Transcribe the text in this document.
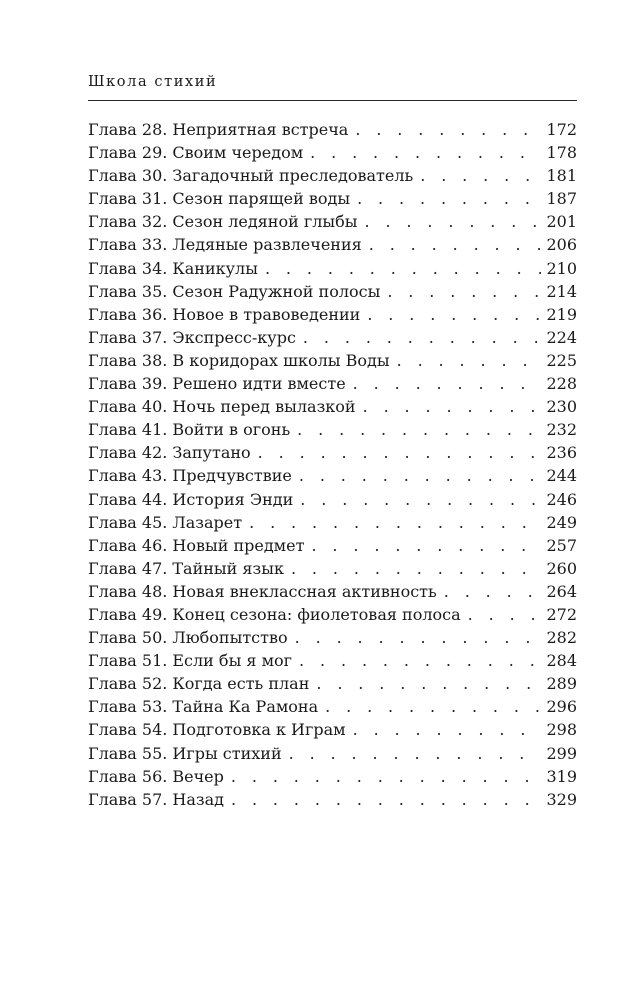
Школа стихий
Глава 28. Неприятная встреча . . .	172
Глава 29. Своим чередом . . .	178
Глава 30. Загадочный преследователь . . .	181
Глава 31. Сезон парящей воды . . .	187
Глава 32. Сезон ледяной глыбы . . .	201
Глава 33. Ледяные развлечения . . .	206
Глава 34. Каникулы . . .	210
Глава 35. Сезон Радужной полосы . . .	214
Глава 36. Новое в травоведении . . .	219
Глава 37. Экспресс-курс . . .	224
Глава 38. В коридорах школы Воды . . .	225
Глава 39. Решено идти вместе . . .	228
Глава 40. Ночь перед вылазкой . . .	230
Глава 41. Войти в огонь . . .	232
Глава 42. Запутано . . .	236
Глава 43. Предчувствие . . .	244
Глава 44. История Энди . . .	246
Глава 45. Лазарет . . .	249
Глава 46. Новый предмет . . .	257
Глава 47. Тайный язык . . .	260
Глава 48. Новая внеклассная активность . . .	264
Глава 49. Конец сезона: фиолетовая полоса . . .	272
Глава 50. Любопытство . . .	282
Глава 51. Если бы я мог . . .	284
Глава 52. Когда есть план . . .	289
Глава 53. Тайна Ка Рамона . . .	296
Глава 54. Подготовка к Играм . . .	298
Глава 55. Игры стихий . . .	299
Глава 56. Вечер . . .	319
Глава 57. Назад . . .	329
